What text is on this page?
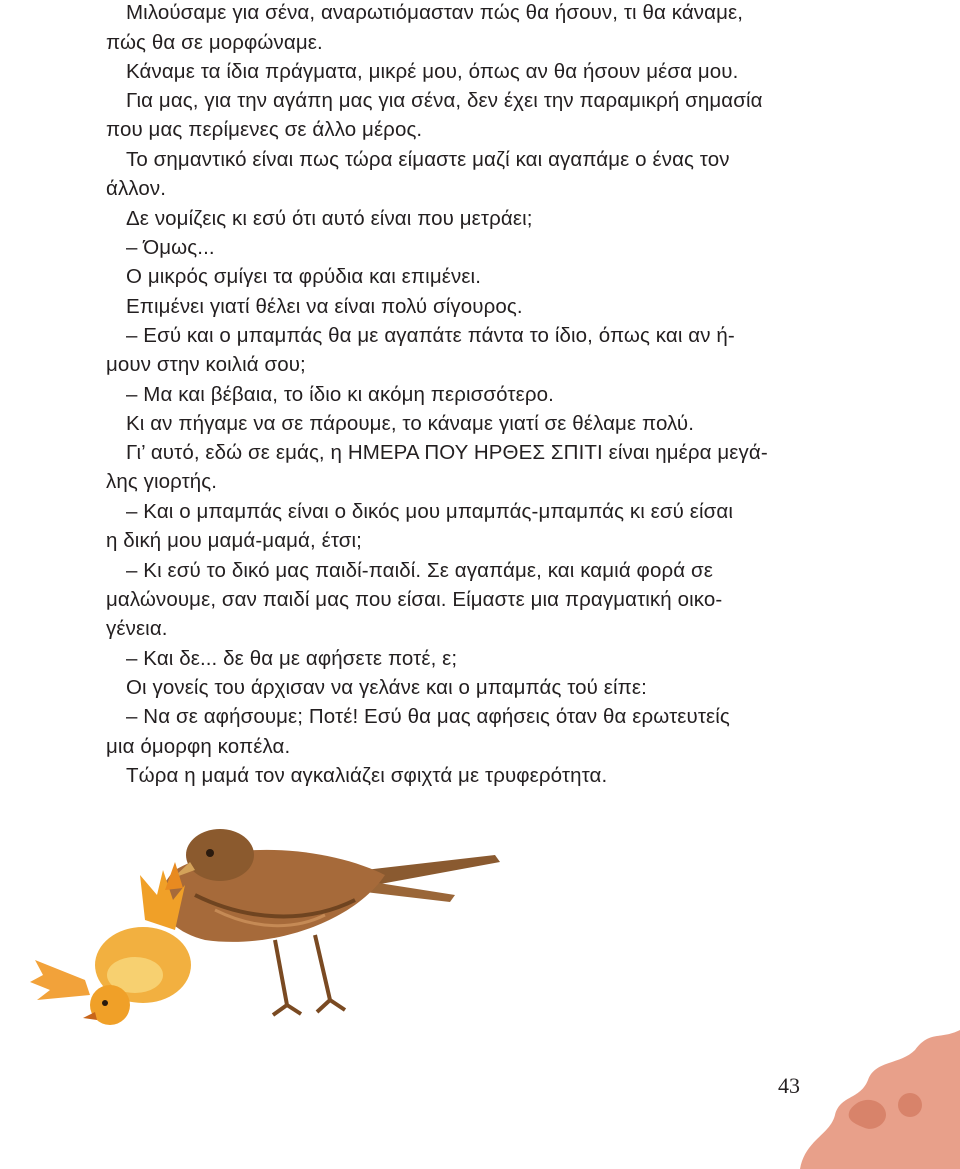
Μιλούσαμε για σένα, αναρωτιόμασταν πώς θα ήσουν, τι θα κάναμε,
πώς θα σε μορφώναμε.
Κάναμε τα ίδια πράγματα, μικρέ μου, όπως αν θα ήσουν μέσα μου.
Για μας, για την αγάπη μας για σένα, δεν έχει την παραμικρή σημασία
που μας περίμενες σε άλλο μέρος.
Το σημαντικό είναι πως τώρα είμαστε μαζί και αγαπάμε ο ένας τον
άλλον.
Δε νομίζεις κι εσύ ότι αυτό είναι που μετράει;
– Όμως...
Ο μικρός σμίγει τα φρύδια και επιμένει.
Επιμένει γιατί θέλει να είναι πολύ σίγουρος.
– Εσύ και ο μπαμπάς θα με αγαπάτε πάντα το ίδιο, όπως και αν ή-
μουν στην κοιλιά σου;
– Μα και βέβαια, το ίδιο κι ακόμη περισσότερο.
Κι αν πήγαμε να σε πάρουμε, το κάναμε γιατί σε θέλαμε πολύ.
Γι’ αυτό, εδώ σε εμάς, η ΗΜΕΡΑ ΠΟΥ ΗΡΘΕΣ ΣΠΙΤΙ είναι ημέρα μεγά-
λης γιορτής.
– Και ο μπαμπάς είναι ο δικός μου μπαμπάς-μπαμπάς κι εσύ είσαι
η δική μου μαμά-μαμά, έτσι;
– Κι εσύ το δικό μας παιδί-παιδί. Σε αγαπάμε, και καμιά φορά σε
μαλώνουμε, σαν παιδί μας που είσαι. Είμαστε μια πραγματική οικο-
γένεια.
– Και δε... δε θα με αφήσετε ποτέ, ε;
Οι γονείς του άρχισαν να γελάνε και ο μπαμπάς τού είπε:
– Να σε αφήσουμε; Ποτέ! Εσύ θα μας αφήσεις όταν θα ερωτευτείς
μια όμορφη κοπέλα.
Τώρα η μαμά τον αγκαλιάζει σφιχτά με τρυφερότητα.
43
